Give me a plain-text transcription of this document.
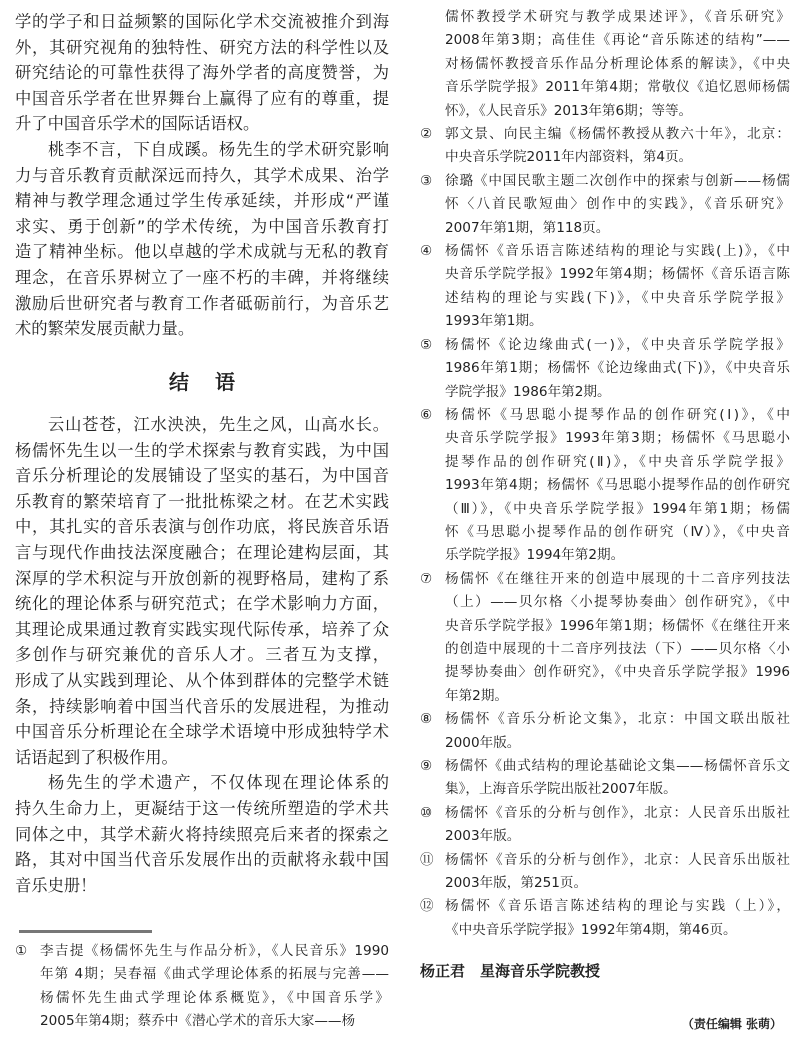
学的学子和日益频繁的国际化学术交流被推介到海
外，其研究视角的独特性、研究方法的科学性以及
研究结论的可靠性获得了海外学者的高度赞誉，为
中国音乐学者在世界舞台上赢得了应有的尊重，提
升了中国音乐学术的国际话语权。
桃李不言，下自成蹊。杨先生的学术研究影响
力与音乐教育贡献深远而持久，其学术成果、治学
精神与教学理念通过学生传承延续，并形成“严谨
求实、勇于创新”的学术传统，为中国音乐教育打
造了精神坐标。他以卓越的学术成就与无私的教育
理念，在音乐界树立了一座不朽的丰碑，并将继续
激励后世研究者与教育工作者砥砺前行，为音乐艺
术的繁荣发展贡献力量。
结语
云山苍苍，江水泱泱，先生之风，山高水长。
杨儒怀先生以一生的学术探索与教育实践，为中国
音乐分析理论的发展铺设了坚实的基石，为中国音
乐教育的繁荣培育了一批批栋梁之材。在艺术实践
中，其扎实的音乐表演与创作功底，将民族音乐语
言与现代作曲技法深度融合；在理论建构层面，其
深厚的学术积淀与开放创新的视野格局，建构了系
统化的理论体系与研究范式；在学术影响力方面，
其理论成果通过教育实践实现代际传承，培养了众
多创作与研究兼优的音乐人才。三者互为支撑，
形成了从实践到理论、从个体到群体的完整学术链
条，持续影响着中国当代音乐的发展进程，为推动
中国音乐分析理论在全球学术语境中形成独特学术
话语起到了积极作用。
杨先生的学术遗产，不仅体现在理论体系的
持久生命力上，更凝结于这一传统所塑造的学术共
同体之中，其学术薪火将持续照亮后来者的探索之
路，其对中国当代音乐发展作出的贡献将永载中国
音乐史册！
① 李吉提《杨儒怀先生与作品分析》，《人民音乐》1990
年第 4期；吴春福《曲式学理论体系的拓展与完善——
杨儒怀先生曲式学理论体系概览》，《中国音乐学》
2005年第4期；蔡乔中《潜心学术的音乐大家——杨
儒怀教授学术研究与教学成果述评》，《音乐研究》
2008年第3期；高佳佳《再论“音乐陈述的结构”——
对杨儒怀教授音乐作品分析理论体系的解读》，《中央
音乐学院学报》2011年第4期；常敬仪《追忆恩师杨儒
怀》，《人民音乐》2013年第6期；等等。
② 郭文景、向民主编《杨儒怀教授从教六十年》，北京：
中央音乐学院2011年内部资料，第4页。
③ 徐璐《中国民歌主题二次创作中的探索与创新——杨儒
怀〈八首民歌短曲〉创作中的实践》，《音乐研究》
2007年第1期，第118页。
④ 杨儒怀《音乐语言陈述结构的理论与实践(上)》，《中
央音乐学院学报》1992年第4期；杨儒怀《音乐语言陈
述结构的理论与实践(下)》，《中央音乐学院学报》
1993年第1期。
⑤ 杨儒怀《论边缘曲式(一)》，《中央音乐学院学报》
1986年第1期；杨儒怀《论边缘曲式(下)》，《中央音乐
学院学报》1986年第2期。
⑥ 杨儒怀《马思聪小提琴作品的创作研究(Ⅰ)》，《中
央音乐学院学报》1993年第3期；杨儒怀《马思聪小
提琴作品的创作研究(Ⅱ)》，《中央音乐学院学报》
1993年第4期；杨儒怀《马思聪小提琴作品的创作研究
（Ⅲ）》，《中央音乐学院学报》1994年第1期；杨儒
怀《马思聪小提琴作品的创作研究（Ⅳ）》，《中央音
乐学院学报》1994年第2期。
⑦ 杨儒怀《在继往开来的创造中展现的十二音序列技法
（上）——贝尔格〈小提琴协奏曲〉创作研究》，《中
央音乐学院学报》1996年第1期；杨儒怀《在继往开来
的创造中展现的十二音序列技法（下）——贝尔格〈小
提琴协奏曲〉创作研究》，《中央音乐学院学报》1996
年第2期。
⑧ 杨儒怀《音乐分析论文集》，北京：中国文联出版社
2000年版。
⑨ 杨儒怀《曲式结构的理论基础论文集——杨儒怀音乐文
集》，上海音乐学院出版社2007年版。
⑩ 杨儒怀《音乐的分析与创作》，北京：人民音乐出版社
2003年版。
⑪ 杨儒怀《音乐的分析与创作》，北京：人民音乐出版社
2003年版，第251页。
⑫ 杨儒怀《音乐语言陈述结构的理论与实践（上）》，
《中央音乐学院学报》1992年第4期，第46页。
杨正君　星海音乐学院教授
（责任编辑 张萌）
